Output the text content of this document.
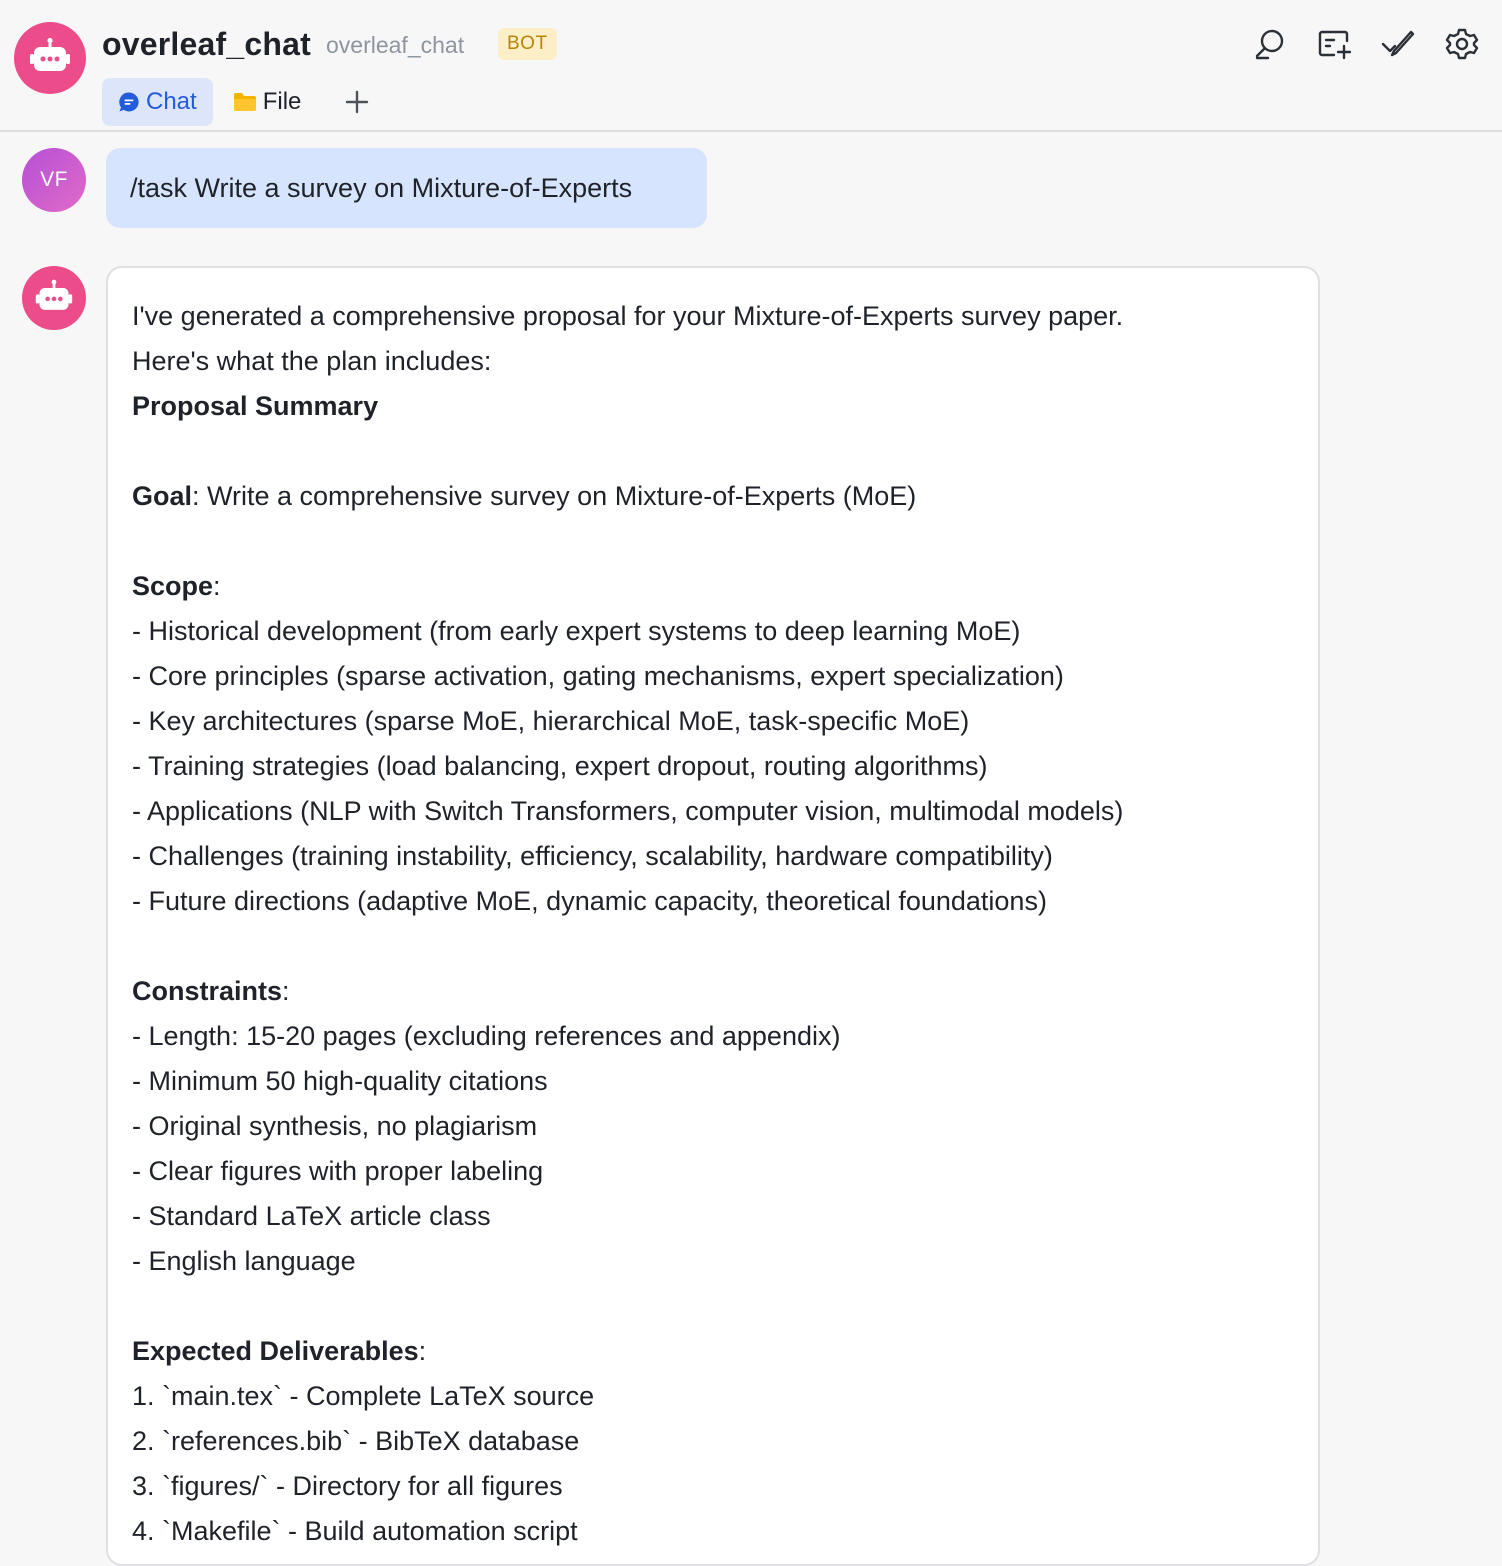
overleaf_chat overleaf_chat	BOT
Chat	File
VF	/task Write a survey on Mixture-of-Experts
I've generated a comprehensive proposal for your Mixture-of-Experts survey paper.
Here's what the plan includes:
Proposal Summary
Goal: Write a comprehensive survey on Mixture-of-Experts (MoE)
Scope:
- Historical development (from early expert systems to deep learning MoE)
- Core principles (sparse activation, gating mechanisms, expert specialization)
- Key architectures (sparse MoE, hierarchical MoE, task-specific MoE)
- Training strategies (load balancing, expert dropout, routing algorithms)
- Applications (NLP with Switch Transformers, computer vision, multimodal models)
- Challenges (training instability, efficiency, scalability, hardware compatibility)
- Future directions (adaptive MoE, dynamic capacity, theoretical foundations)
Constraints:
- Length: 15-20 pages (excluding references and appendix)
- Minimum 50 high-quality citations
- Original synthesis, no plagiarism
- Clear figures with proper labeling
- Standard LaTeX article class
- English language
Expected Deliverables:
1. `main.tex` - Complete LaTeX source
2. `references.bib` - BibTeX database
3. `figures/` - Directory for all figures
4. `Makefile` - Build automation script
